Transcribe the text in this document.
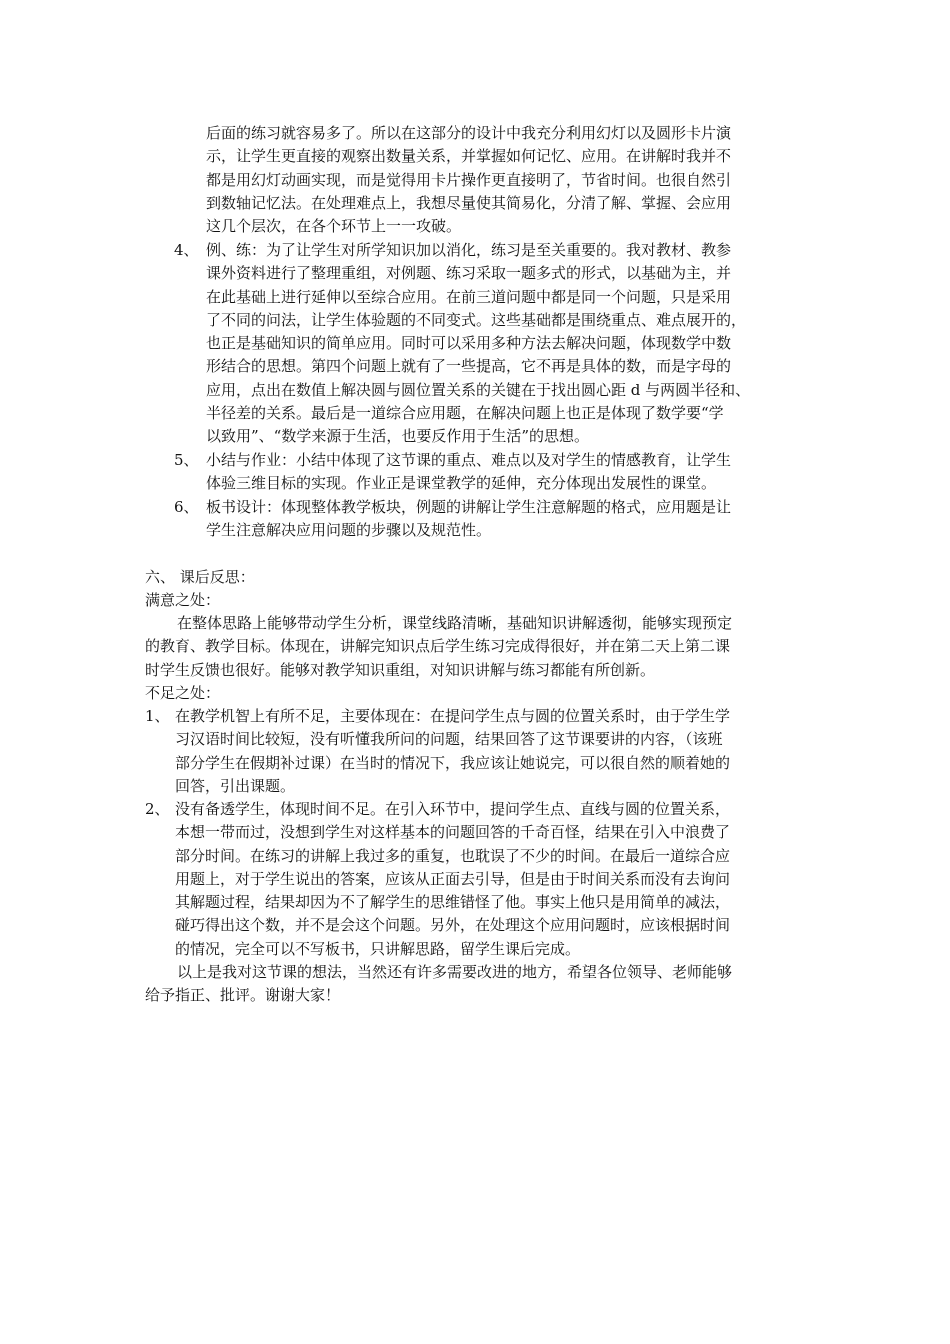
后面的练习就容易多了。所以在这部分的设计中我充分利用幻灯以及圆形卡片演
示，让学生更直接的观察出数量关系，并掌握如何记忆、应用。在讲解时我并不
都是用幻灯动画实现，而是觉得用卡片操作更直接明了，节省时间。也很自然引
到数轴记忆法。在处理难点上，我想尽量使其简易化，分清了解、掌握、会应用
这几个层次，在各个环节上一一攻破。
4、 例、练：为了让学生对所学知识加以消化，练习是至关重要的。我对教材、教参
课外资料进行了整理重组，对例题、练习采取一题多式的形式，以基础为主，并
在此基础上进行延伸以至综合应用。在前三道问题中都是同一个问题，只是采用
了不同的问法，让学生体验题的不同变式。这些基础都是围绕重点、难点展开的，
也正是基础知识的简单应用。同时可以采用多种方法去解决问题，体现数学中数
形结合的思想。第四个问题上就有了一些提高，它不再是具体的数，而是字母的
应用，点出在数值上解决圆与圆位置关系的关键在于找出圆心距 d 与两圆半径和、
半径差的关系。最后是一道综合应用题，在解决问题上也正是体现了数学要“学
以致用”、“数学来源于生活，也要反作用于生活”的思想。
5、 小结与作业：小结中体现了这节课的重点、难点以及对学生的情感教育，让学生
体验三维目标的实现。作业正是课堂教学的延伸，充分体现出发展性的课堂。
6、 板书设计：体现整体教学板块，例题的讲解让学生注意解题的格式，应用题是让
学生注意解决应用问题的步骤以及规范性。
六、 课后反思：
满意之处：
在整体思路上能够带动学生分析，课堂线路清晰，基础知识讲解透彻，能够实现预定
的教育、教学目标。体现在，讲解完知识点后学生练习完成得很好，并在第二天上第二课
时学生反馈也很好。能够对教学知识重组，对知识讲解与练习都能有所创新。
不足之处：
1、 在教学机智上有所不足，主要体现在：在提问学生点与圆的位置关系时，由于学生学
习汉语时间比较短，没有听懂我所问的问题，结果回答了这节课要讲的内容，（该班
部分学生在假期补过课）在当时的情况下，我应该让她说完，可以很自然的顺着她的
回答，引出课题。
2、 没有备透学生，体现时间不足。在引入环节中，提问学生点、直线与圆的位置关系，
本想一带而过，没想到学生对这样基本的问题回答的千奇百怪，结果在引入中浪费了
部分时间。在练习的讲解上我过多的重复，也耽误了不少的时间。在最后一道综合应
用题上，对于学生说出的答案，应该从正面去引导，但是由于时间关系而没有去询问
其解题过程，结果却因为不了解学生的思维错怪了他。事实上他只是用简单的减法，
碰巧得出这个数，并不是会这个问题。另外，在处理这个应用问题时，应该根据时间
的情况，完全可以不写板书，只讲解思路，留学生课后完成。
以上是我对这节课的想法，当然还有许多需要改进的地方，希望各位领导、老师能够
给予指正、批评。谢谢大家！
